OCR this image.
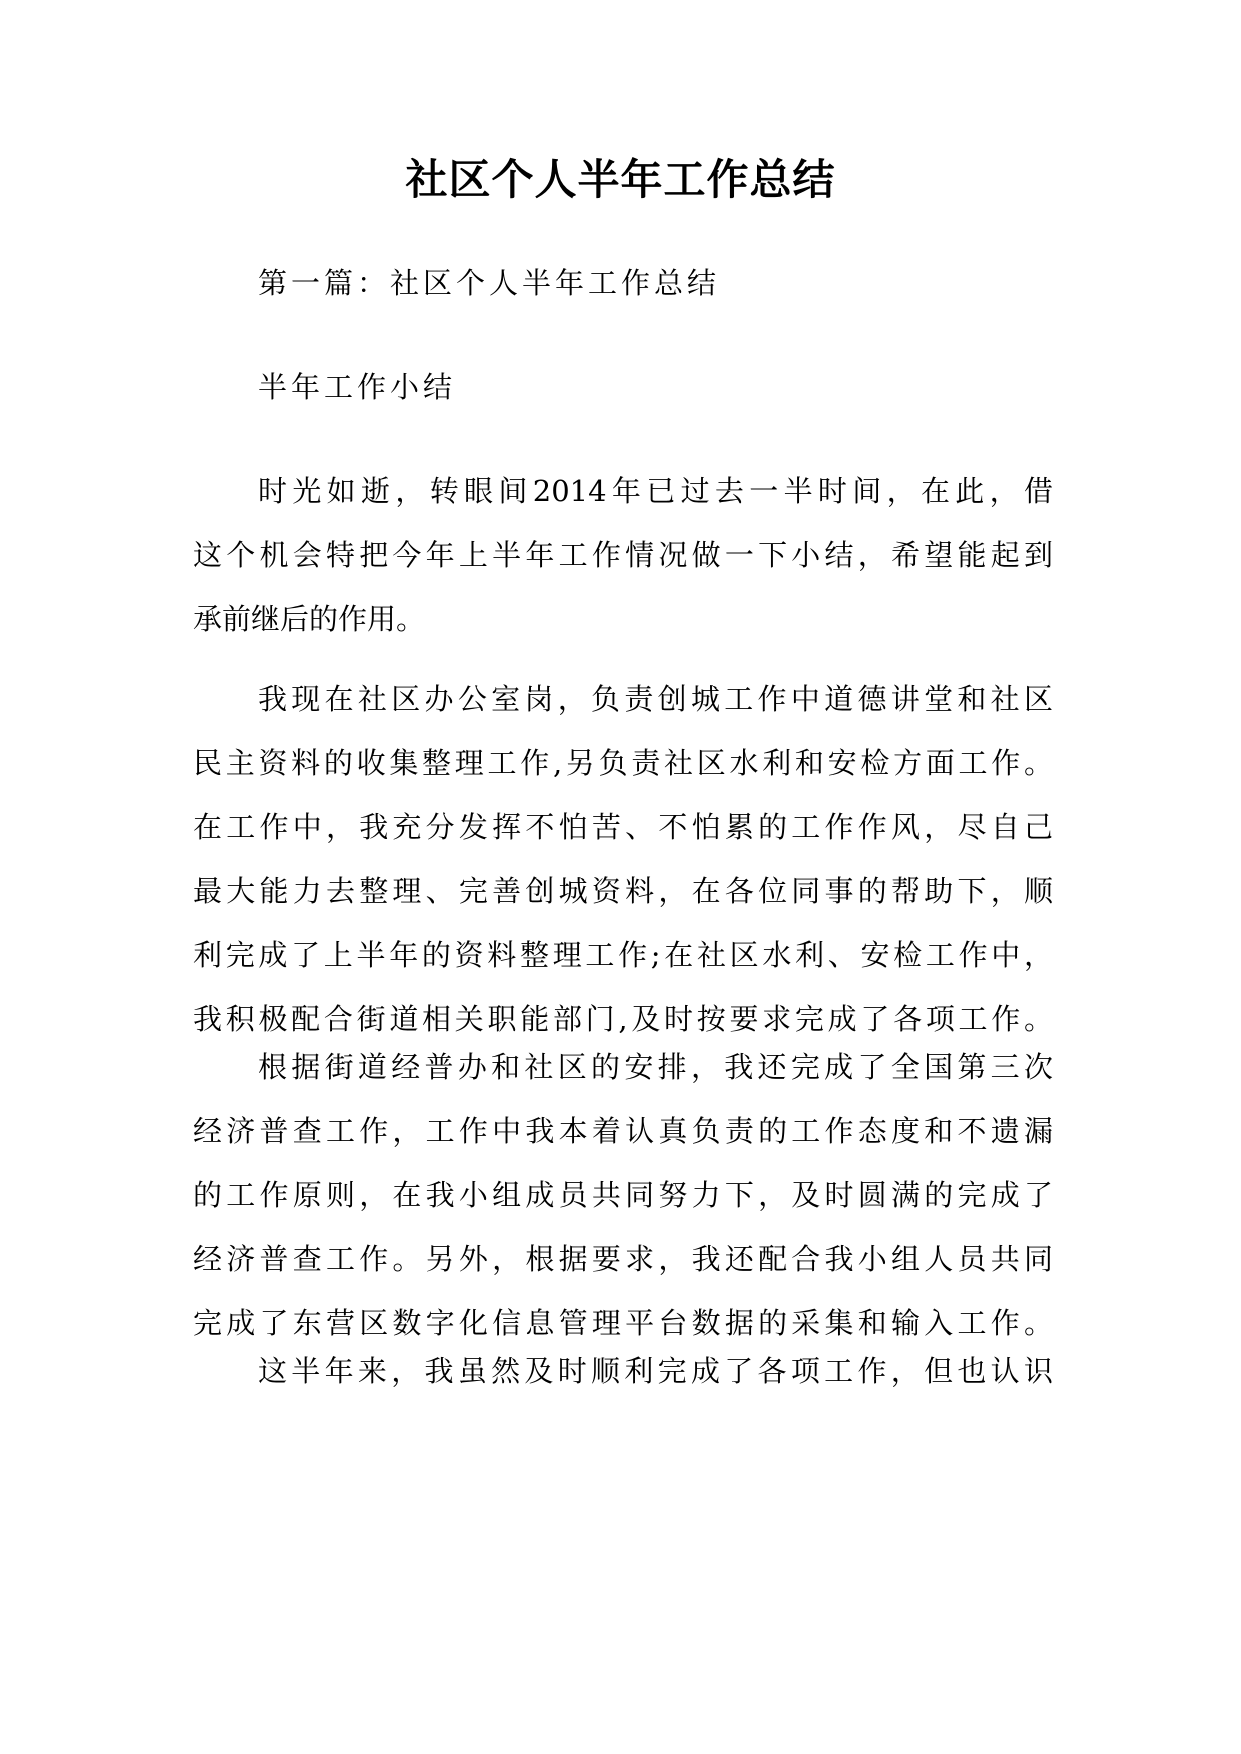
社区个人半年工作总结
第一篇：社区个人半年工作总结
半年工作小结
时光如逝，转眼间2014年已过去一半时间，在此，借
这个机会特把今年上半年工作情况做一下小结，希望能起到
承前继后的作用。
我现在社区办公室岗，负责创城工作中道德讲堂和社区
民主资料的收集整理工作,另负责社区水利和安检方面工作。
在工作中，我充分发挥不怕苦、不怕累的工作作风，尽自己
最大能力去整理、完善创城资料，在各位同事的帮助下，顺
利完成了上半年的资料整理工作;在社区水利、安检工作中，
我积极配合街道相关职能部门,及时按要求完成了各项工作。
根据街道经普办和社区的安排，我还完成了全国第三次
经济普查工作，工作中我本着认真负责的工作态度和不遗漏
的工作原则，在我小组成员共同努力下，及时圆满的完成了
经济普查工作。另外，根据要求，我还配合我小组人员共同
完成了东营区数字化信息管理平台数据的采集和输入工作。
这半年来，我虽然及时顺利完成了各项工作，但也认识
